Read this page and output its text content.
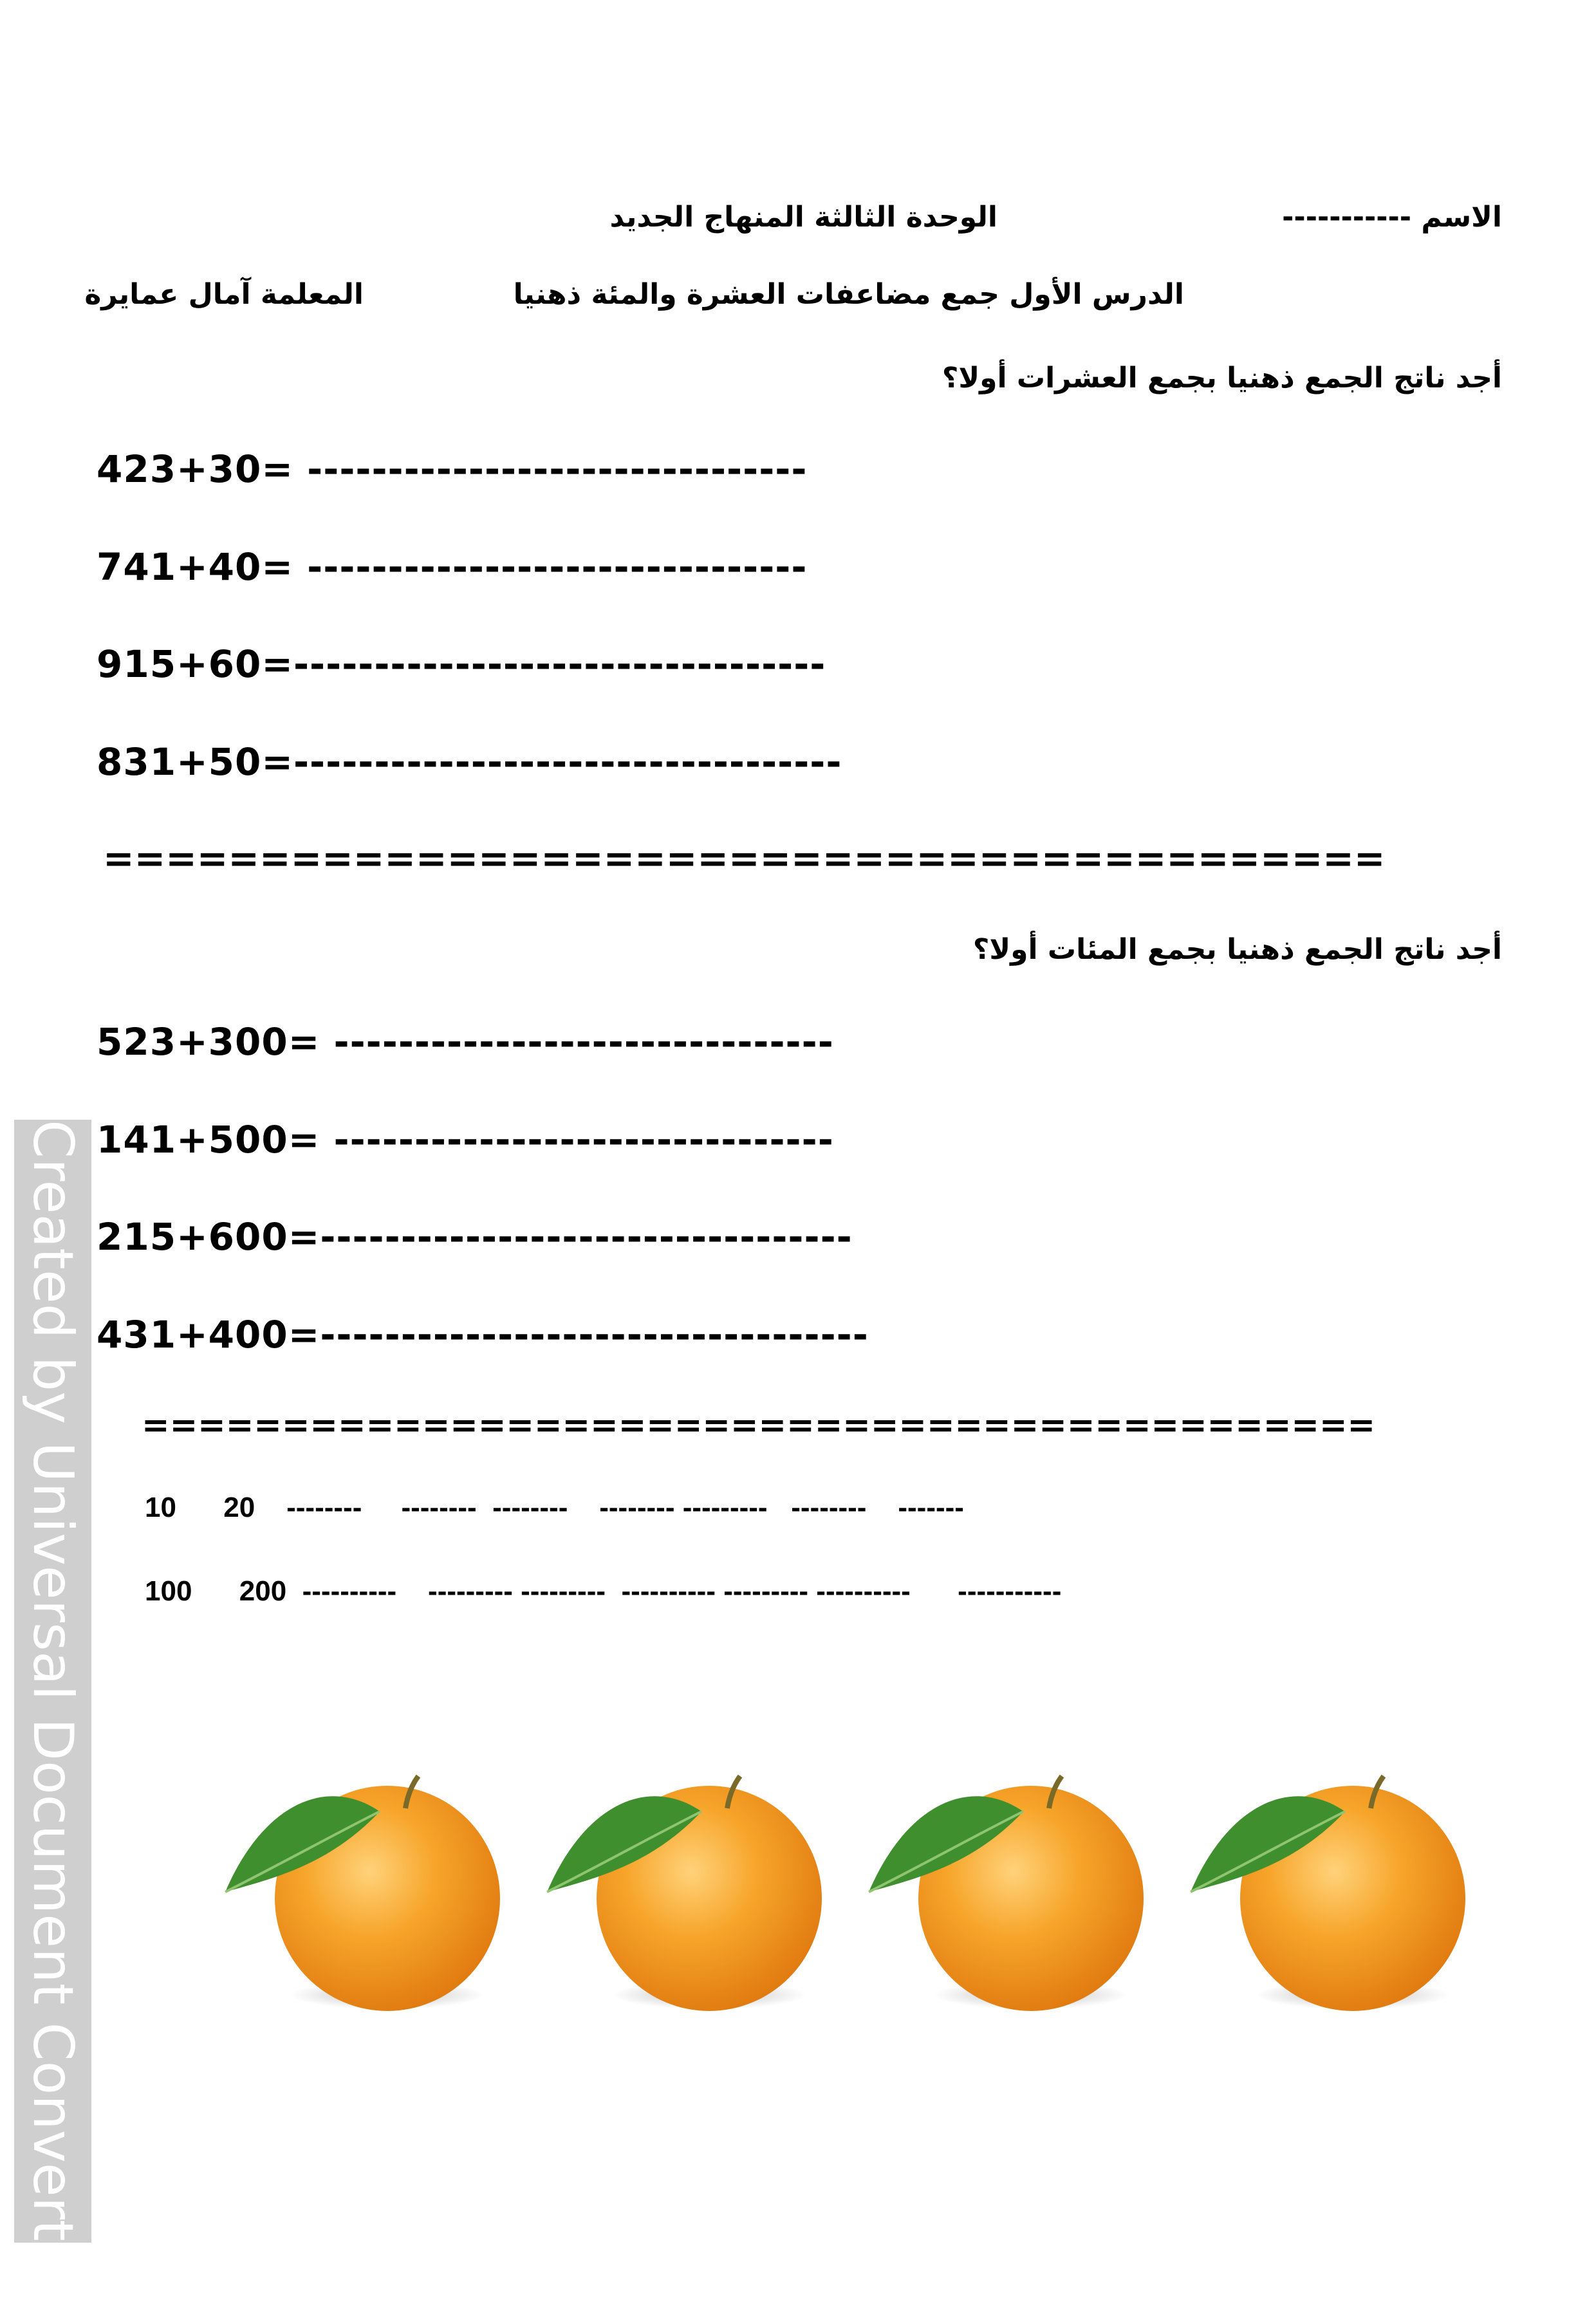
الاسم -----------
الوحدة الثالثة المنهاج الجديد
الدرس الأول جمع مضاعفات العشرة والمئة ذهنيا
المعلمة آمال عمايرة
أجد ناتج الجمع ذهنيا بجمع العشرات أولا؟
423+30= -------------------------------
741+40= -------------------------------
915+60=---------------------------------
831+50=----------------------------------
=========================================
أجد ناتج الجمع ذهنيا بجمع المئات أولا؟
523+300= -------------------------------
141+500= -------------------------------
215+600=---------------------------------
431+400=----------------------------------
============================================
10      20    --------     --------  --------    -------- ---------   --------    -------
100      200  ----------    --------- ---------  ---------- --------- ----------      -----------
Created by Universal Document Converter
